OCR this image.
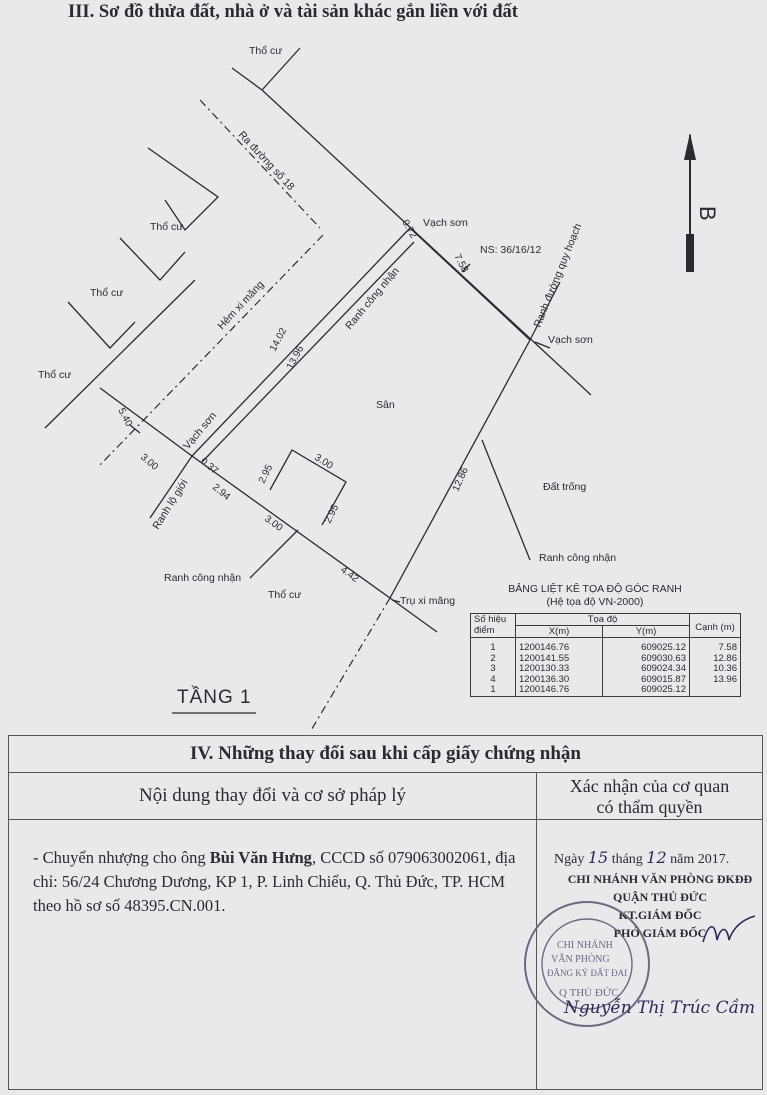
III. Sơ đồ thửa đất, nhà ở và tài sản khác gắn liền với đất
B
Thổ cư
Thổ cư
Thổ cư
Thổ cư
Thổ cư
Ra đường số 18
Hẻm xi măng
Vạch sơn
Vạch sơn
Vạch sơn
NS: 36/16/12
Ranh đường quy hoạch
Ranh công nhận
Sân
Đất trống
Ranh công nhận
Ranh công nhận
Ranh lộ giới
Trụ xi măng
0.72
7.58
14.02
13.96
5.40
3.00	0.37
2.94
2.95
3.00
2.95
3.00
4.42
12.86
TẦNG 1
BẢNG LIỆT KÊ TỌA ĐỘ GÓC RANH
(Hệ tọa độ VN-2000)
Số hiệu điểm	Tọa độ		Cạnh (m)
	X(m)	Y(m)	
1	1200146.76	609025.12	7.58
2	1200141.55	609030.63	12.86
3	1200130.33	609024.34	10.36
4	1200136.30	609015.87	13.96
1	1200146.76	609025.12	
IV. Những thay đổi sau khi cấp giấy chứng nhận
Nội dung thay đổi và cơ sở pháp lý	Xác nhận của cơ quan
có thẩm quyền
- Chuyển nhượng cho ông Bùi Văn Hưng, CCCD số 079063002061, địa chỉ: 56/24 Chương Dương, KP 1, P. Linh Chiểu, Q. Thủ Đức, TP. HCM theo hồ sơ số 48395.CN.001.
Ngày 15 tháng 12 năm 2017.
CHI NHÁNH VĂN PHÒNG ĐKĐĐ
QUẬN THỦ ĐỨC
KT.GIÁM ĐỐC
PHÓ GIÁM ĐỐC
CHI NHÁNH
VĂN PHÒNG
ĐĂNG KÝ ĐẤT ĐAI
Q THỦ ĐỨC
Nguyễn Thị Trúc Cầm
